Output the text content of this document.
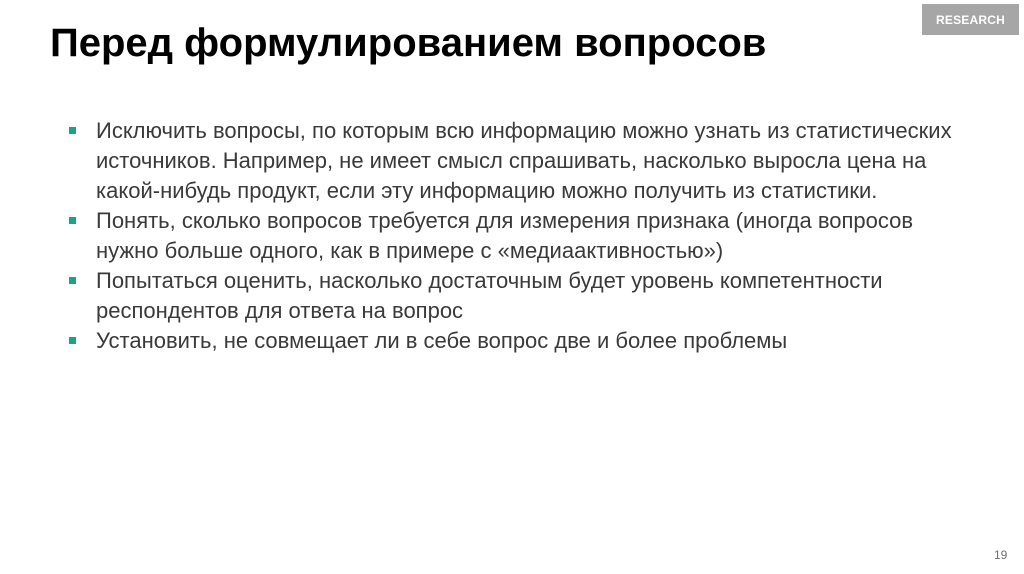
RESEARCH
Перед формулированием вопросов
Исключить вопросы, по которым всю информацию можно узнать из статистических источников. Например, не имеет смысл спрашивать, насколько выросла цена на какой-нибудь продукт, если эту информацию можно получить из статистики.
Понять, сколько вопросов требуется для измерения признака (иногда вопросов нужно больше одного, как в примере с «медиаактивностью»)
Попытаться оценить, насколько достаточным будет уровень компетентности респондентов для ответа на вопрос
Установить, не совмещает ли в себе вопрос две и более проблемы
19
